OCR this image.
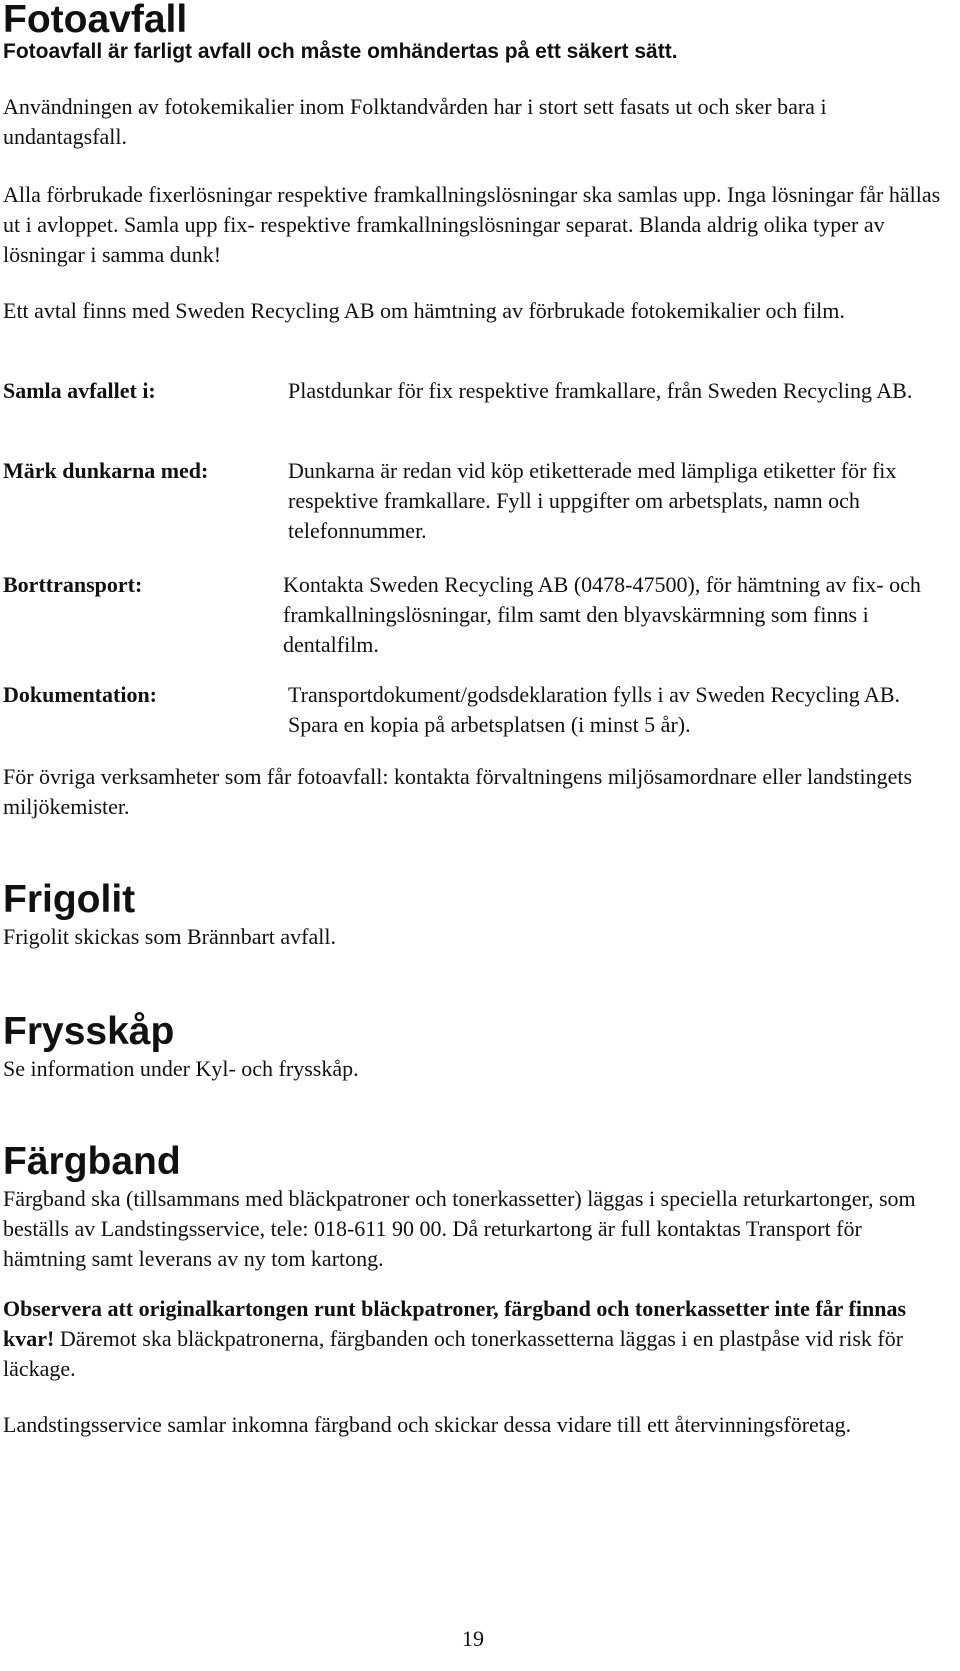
Fotoavfall
Fotoavfall är farligt avfall och måste omhändertas på ett säkert sätt.

Användningen av fotokemikalier inom Folktandvården har i stort sett fasats ut och sker bara i undantagsfall.

Alla förbrukade fixerlösningar respektive framkallningslösningar ska samlas upp. Inga lösningar får hällas ut i avloppet. Samla upp fix- respektive framkallningslösningar separat. Blanda aldrig olika typer av lösningar i samma dunk!

Ett avtal finns med Sweden Recycling AB om hämtning av förbrukade fotokemikalier och film.

Samla avfallet i:	Plastdunkar för fix respektive framkallare, från Sweden Recycling AB.
Märk dunkarna med:	Dunkarna är redan vid köp etiketterade med lämpliga etiketter för fix respektive framkallare. Fyll i uppgifter om arbetsplats, namn och telefonnummer.
Borttransport:	Kontakta Sweden Recycling AB (0478-47500), för hämtning av fix- och framkallningslösningar, film samt den blyavskärmning som finns i dentalfilm.
Dokumentation:	Transportdokument/godsdeklaration fylls i av Sweden Recycling AB. Spara en kopia på arbetsplatsen (i minst 5 år).

För övriga verksamheter som får fotoavfall: kontakta förvaltningens miljösamordnare eller landstingets miljökemister.

Frigolit

Frigolit skickas som Brännbart avfall.

Frysskåp

Se information under Kyl- och frysskåp.

Färgband

Färgband ska (tillsammans med bläckpatroner och tonerkassetter) läggas i speciella returkartonger, som beställs av Landstingsservice, tele: 018-611 90 00. Då returkartong är full kontaktas Transport för hämtning samt leverans av ny tom kartong.

Observera att originalkartongen runt bläckpatroner, färgband och tonerkassetter inte får finnas kvar! Däremot ska bläckpatronerna, färgbanden och tonerkassetterna läggas i en plastpåse vid risk för läckage.

Landstingsservice samlar inkomna färgband och skickar dessa vidare till ett återvinningsföretag.

19
